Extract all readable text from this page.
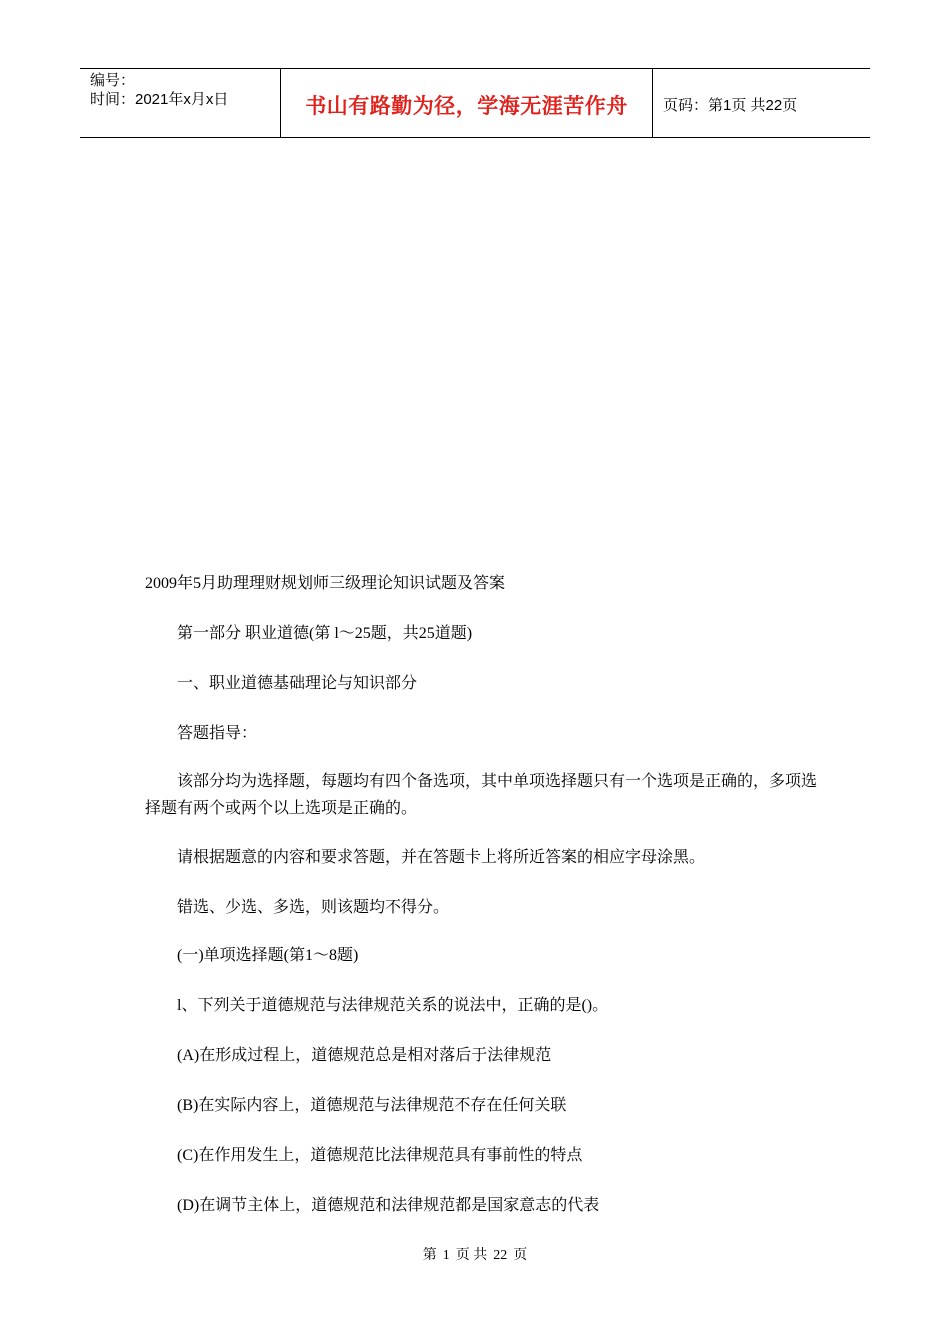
编号：
时间：2021年x月x日	书山有路勤为径，学海无涯苦作舟 页码：第1页 共22页
2009年5月助理理财规划师三级理论知识试题及答案
第一部分 职业道德(第 l～25题，共25道题)
一、职业道德基础理论与知识部分
答题指导：
该部分均为选择题，每题均有四个备选项，其中单项选择题只有一个选项是正确的，多项选择题有两个或两个以上选项是正确的。
请根据题意的内容和要求答题，并在答题卡上将所近答案的相应字母涂黑。
错选、少选、多选，则该题均不得分。
(一)单项选择题(第1～8题)
l、下列关于道德规范与法律规范关系的说法中，正确的是()。
(A)在形成过程上，道德规范总是相对落后于法律规范
(B)在实际内容上，道德规范与法律规范不存在任何关联
(C)在作用发生上，道德规范比法律规范具有事前性的特点
(D)在调节主体上，道德规范和法律规范都是国家意志的代表
第 1 页 共 22 页
